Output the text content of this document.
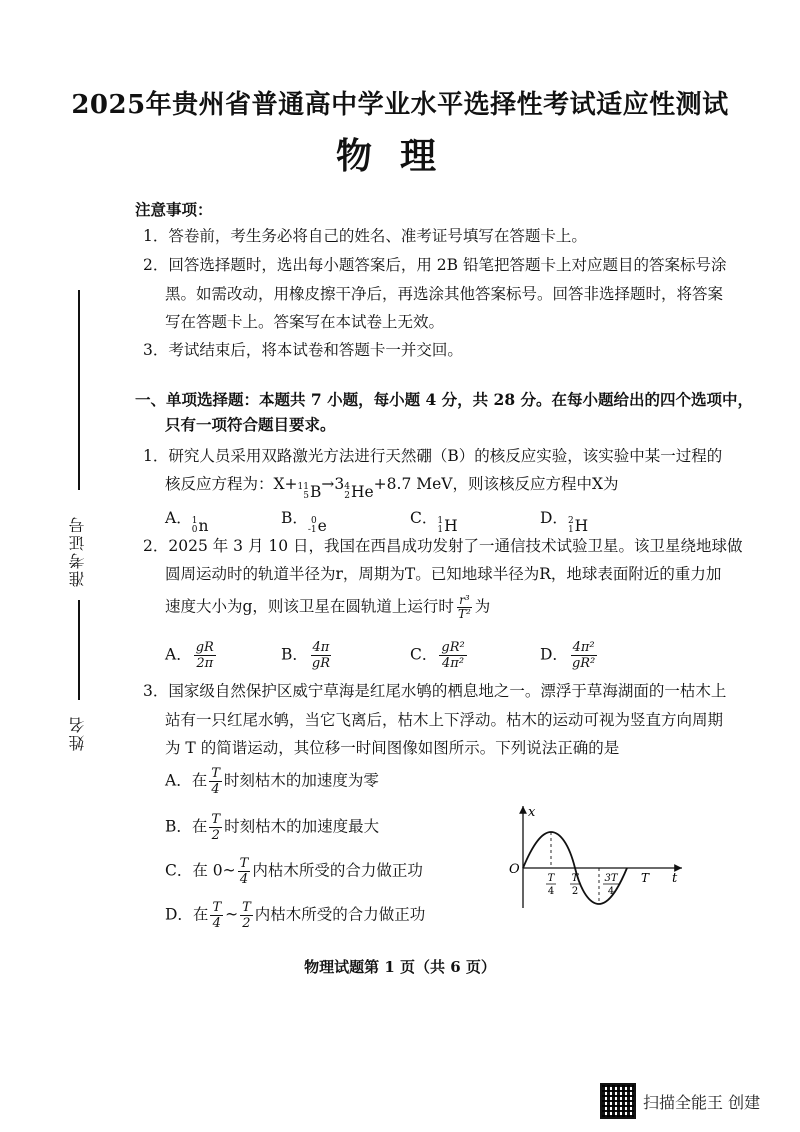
2025年贵州省普通高中学业水平选择性考试适应性测试
物理
准考证号
姓名
注意事项：
1．答卷前，考生务必将自己的姓名、准考证号填写在答题卡上。
2．回答选择题时，选出每小题答案后，用 2B 铅笔把答题卡上对应题目的答案标号涂
黑。如需改动，用橡皮擦干净后，再选涂其他答案标号。回答非选择题时，将答案
写在答题卡上。答案写在本试卷上无效。
3．考试结束后，将本试卷和答题卡一并交回。
一、单项选择题：本题共 7 小题，每小题 4 分，共 28 分。在每小题给出的四个选项中，
只有一项符合题目要求。
1．研究人员采用双路激光方法进行天然硼（B）的核反应实验，该实验中某一过程的
核反应方程为：X+ 11
5 B →3 4
2 He +8.7 MeV，则该核反应方程中X为
A． 1
0 n	B． 0
-1 e	C． 1
1 H	D． 2
1 H
2．2025 年 3 月 10 日，我国在西昌成功发射了一通信技术试验卫星。该卫星绕地球做
圆周运动时的轨道半径为r，周期为T。已知地球半径为R，地球表面附近的重力加
速度大小为g，则该卫星在圆轨道上运行时 $\frac{\text{r³}}{\text{T²}}$ 为
A． $\frac{gR}{2\pi}$	B． $\frac{4\pi}{gR}$	C． $\frac{\text{gR²}}{\text{4π²}}$	D． $\frac{\text{4π²}}{\text{gR²}}$
3．国家级自然保护区威宁草海是红尾水鸲的栖息地之一。漂浮于草海湖面的一枯木上
站有一只红尾水鸲，当它飞离后，枯木上下浮动。枯木的运动可视为竖直方向周期
为 T 的简谐运动，其位移一时间图像如图所示。下列说法正确的是
A．在 $\frac{T}{4}$ 时刻枯木的加速度为零
B．在 $\frac{T}{2}$ 时刻枯木的加速度最大
C．在 0~ $\frac{T}{4}$ 内枯木所受的合力做正功
D．在 $\frac{T}{4}$ ~ $\frac{T}{2}$ 内枯木所受的合力做正功
x
t
O
T
4
T
2
3T
4
T
物理试题第 1 页（共 6 页）
扫描全能王 创建
